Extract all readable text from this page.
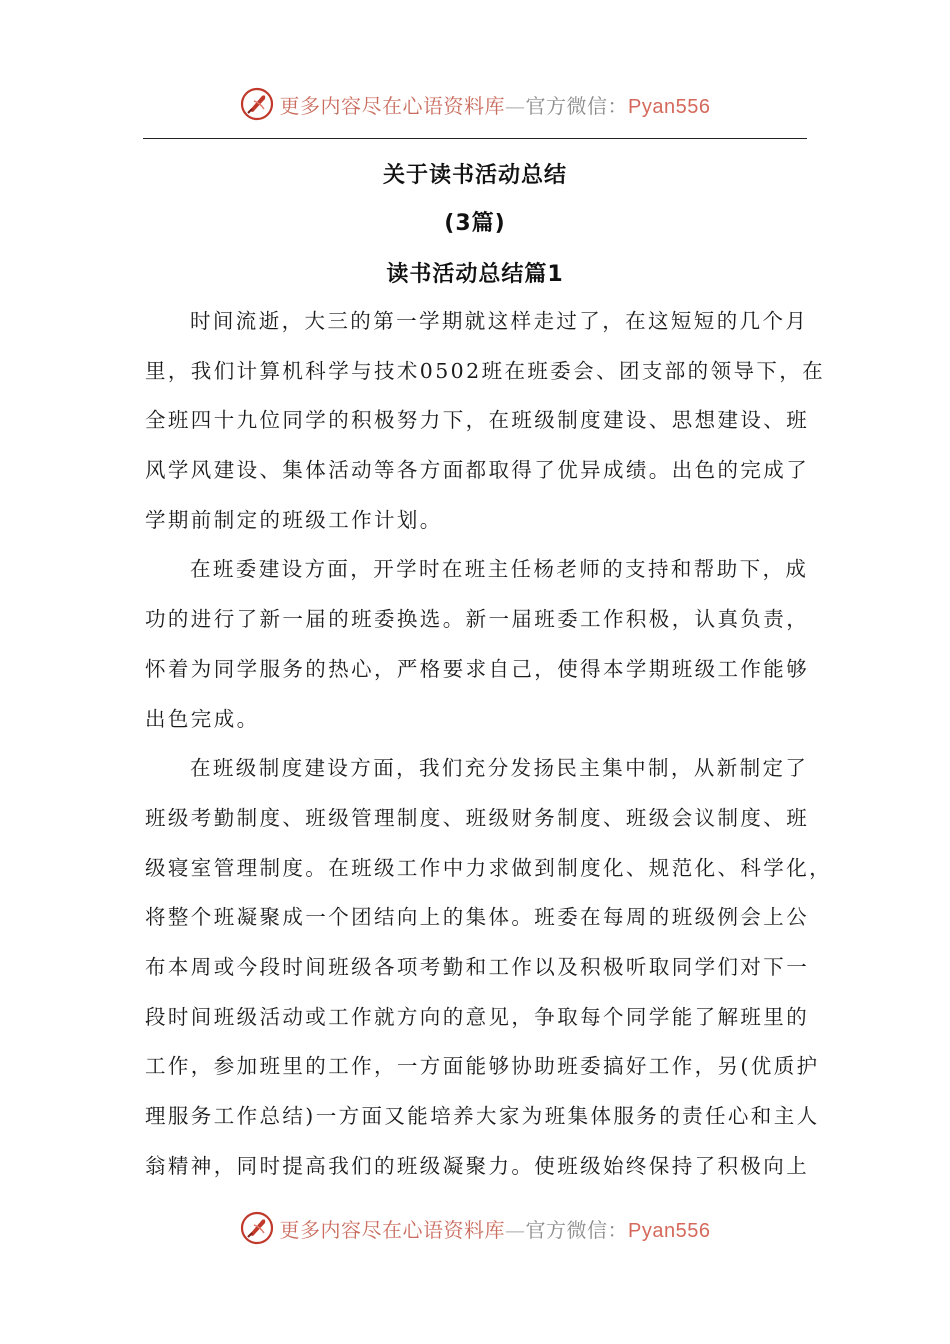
更多内容尽在心语资料库—官方微信：Pyan556
关于读书活动总结
(3篇)
读书活动总结篇1
时间流逝，大三的第一学期就这样走过了，在这短短的几个月
里，我们计算机科学与技术0502班在班委会、团支部的领导下，在
全班四十九位同学的积极努力下，在班级制度建设、思想建设、班
风学风建设、集体活动等各方面都取得了优异成绩。出色的完成了
学期前制定的班级工作计划。
在班委建设方面，开学时在班主任杨老师的支持和帮助下，成
功的进行了新一届的班委换选。新一届班委工作积极，认真负责，
怀着为同学服务的热心，严格要求自己，使得本学期班级工作能够
出色完成。
在班级制度建设方面，我们充分发扬民主集中制，从新制定了
班级考勤制度、班级管理制度、班级财务制度、班级会议制度、班
级寝室管理制度。在班级工作中力求做到制度化、规范化、科学化，
将整个班凝聚成一个团结向上的集体。班委在每周的班级例会上公
布本周或今段时间班级各项考勤和工作以及积极听取同学们对下一
段时间班级活动或工作就方向的意见，争取每个同学能了解班里的
工作，参加班里的工作，一方面能够协助班委搞好工作，另(优质护
理服务工作总结)一方面又能培养大家为班集体服务的责任心和主人
翁精神，同时提高我们的班级凝聚力。使班级始终保持了积极向上
更多内容尽在心语资料库—官方微信：Pyan556
